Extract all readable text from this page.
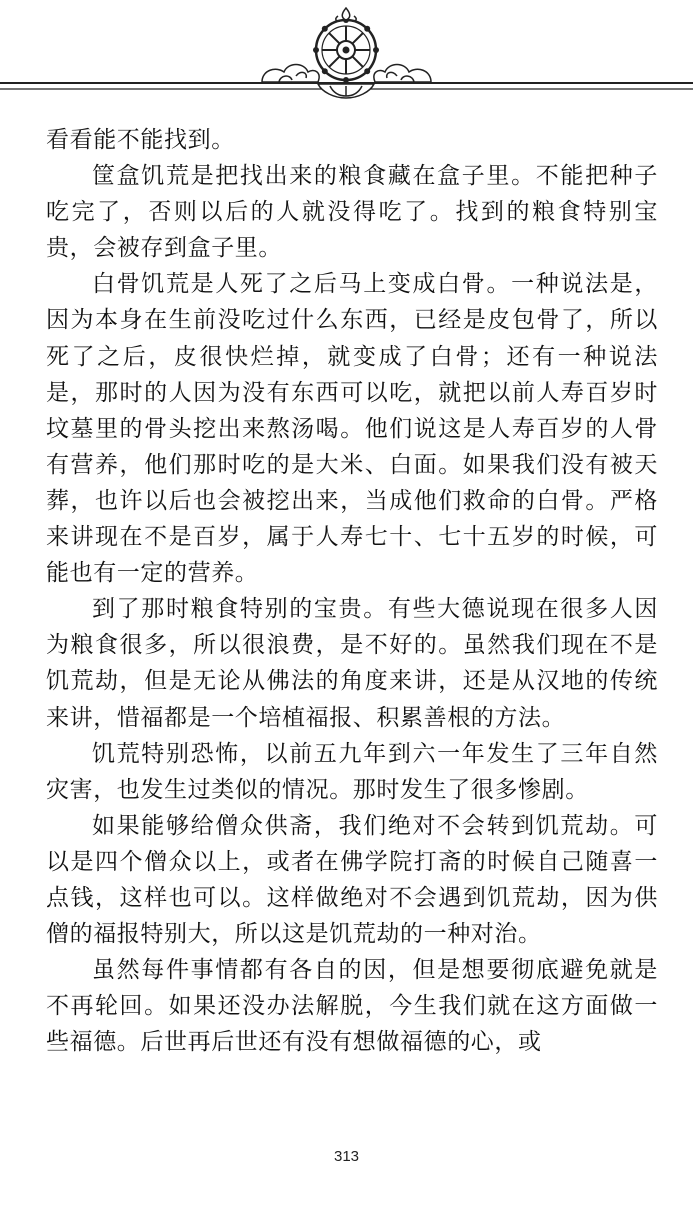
看看能不能找到。

筐盒饥荒是把找出来的粮食藏在盒子里。不能把种子吃完了，否则以后的人就没得吃了。找到的粮食特别宝贵，会被存到盒子里。

白骨饥荒是人死了之后马上变成白骨。一种说法是，因为本身在生前没吃过什么东西，已经是皮包骨了，所以死了之后，皮很快烂掉，就变成了白骨；还有一种说法是，那时的人因为没有东西可以吃，就把以前人寿百岁时坟墓里的骨头挖出来熬汤喝。他们说这是人寿百岁的人骨有营养，他们那时吃的是大米、白面。如果我们没有被天葬，也许以后也会被挖出来，当成他们救命的白骨。严格来讲现在不是百岁，属于人寿七十、七十五岁的时候，可能也有一定的营养。

到了那时粮食特别的宝贵。有些大德说现在很多人因为粮食很多，所以很浪费，是不好的。虽然我们现在不是饥荒劫，但是无论从佛法的角度来讲，还是从汉地的传统来讲，惜福都是一个培植福报、积累善根的方法。

饥荒特别恐怖，以前五九年到六一年发生了三年自然灾害，也发生过类似的情况。那时发生了很多惨剧。

如果能够给僧众供斋，我们绝对不会转到饥荒劫。可以是四个僧众以上，或者在佛学院打斋的时候自己随喜一点钱，这样也可以。这样做绝对不会遇到饥荒劫，因为供僧的福报特别大，所以这是饥荒劫的一种对治。

虽然每件事情都有各自的因，但是想要彻底避免就是不再轮回。如果还没办法解脱，今生我们就在这方面做一些福德。后世再后世还有没有想做福德的心，或

313
